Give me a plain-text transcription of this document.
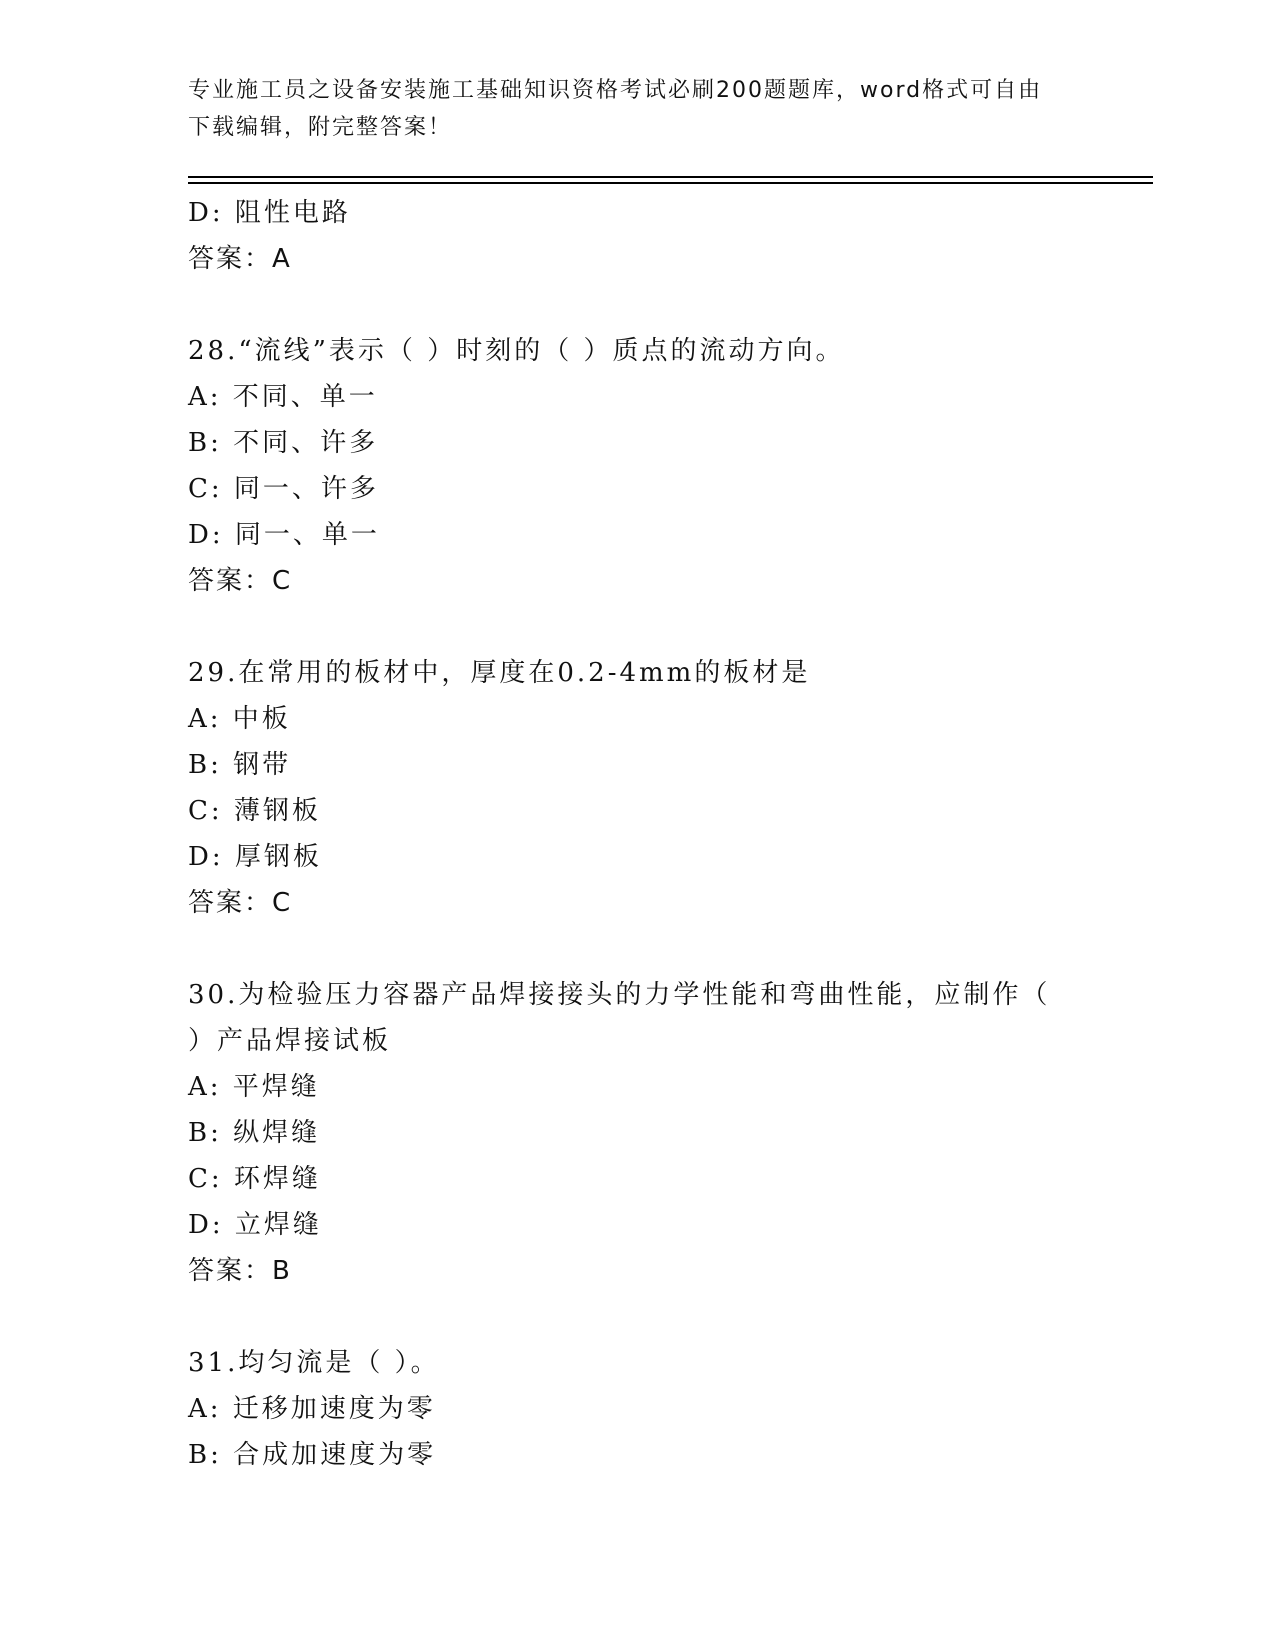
专业施工员之设备安装施工基础知识资格考试必刷200题题库，word格式可自由
下载编辑，附完整答案！
D: 阻性电路
答案：A
28.“流线”表示（ ）时刻的（ ）质点的流动方向。
A: 不同、单一
B: 不同、许多
C: 同一、许多
D: 同一、单一
答案：C
29.在常用的板材中，厚度在0.2-4mm的板材是
A: 中板
B: 钢带
C: 薄钢板
D: 厚钢板
答案：C
30.为检验压力容器产品焊接接头的力学性能和弯曲性能，应制作（
）产品焊接试板
A: 平焊缝
B: 纵焊缝
C: 环焊缝
D: 立焊缝
答案：B
31.均匀流是（ ）。
A: 迁移加速度为零
B: 合成加速度为零
